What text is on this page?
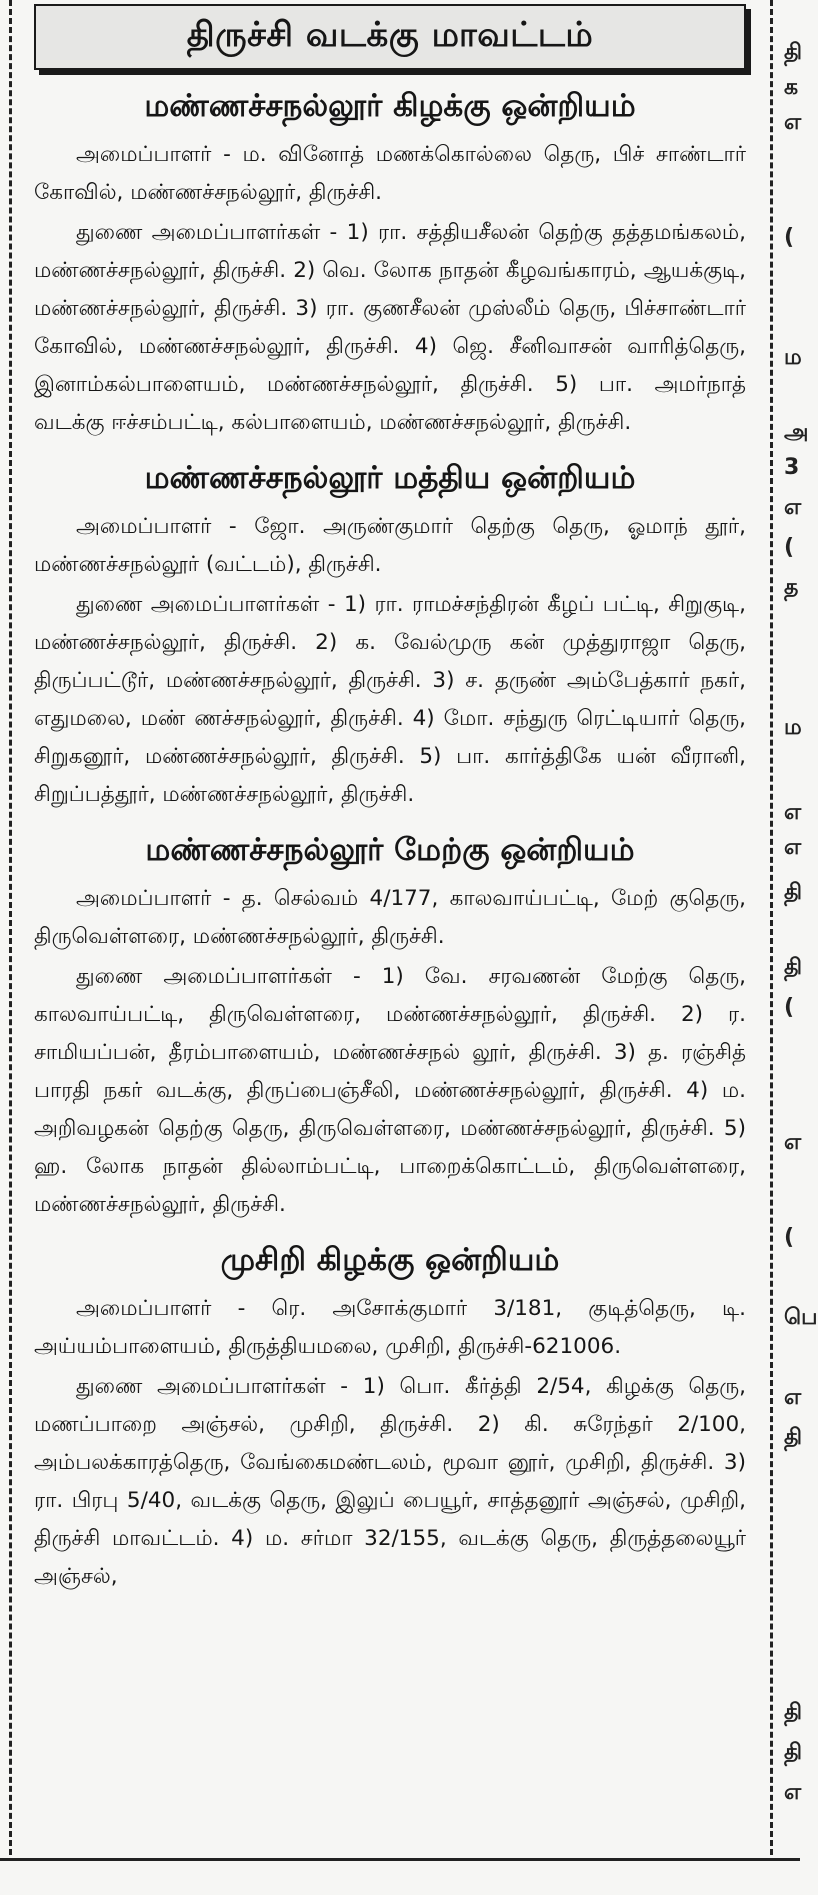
திருச்சி வடக்கு மாவட்டம்
மண்ணச்சநல்லூர் கிழக்கு ஒன்றியம்

அமைப்பாளர் - ம. வினோத் மணக்கொல்லை தெரு, பிச் சாண்டார் கோவில், மண்ணச்சநல்லூர், திருச்சி.

துணை அமைப்பாளர்கள் - 1) ரா. சத்தியசீலன் தெற்கு தத்தமங்கலம், மண்ணச்சநல்லூர், திருச்சி. 2) வெ. லோக நாதன் கீழவங்காரம், ஆயக்குடி, மண்ணச்சநல்லூர், திருச்சி. 3) ரா. குணசீலன் முஸ்லீம் தெரு, பிச்சாண்டார் கோவில், மண்ணச்சநல்லூர், திருச்சி. 4) ஜெ. சீனிவாசன் வாரித்தெரு, இனாம்கல்பாளையம், மண்ணச்சநல்லூர், திருச்சி. 5) பா. அமர்நாத் வடக்கு ஈச்சம்பட்டி, கல்பாளையம், மண்ணச்சநல்லூர், திருச்சி.

மண்ணச்சநல்லூர் மத்திய ஒன்றியம்

அமைப்பாளர் - ஜோ. அருண்குமார் தெற்கு தெரு, ஓமாந் தூர், மண்ணச்சநல்லூர் (வட்டம்), திருச்சி.

துணை அமைப்பாளர்கள் - 1) ரா. ராமச்சந்திரன் கீழப் பட்டி, சிறுகுடி, மண்ணச்சநல்லூர், திருச்சி. 2) க. வேல்முரு கன் முத்துராஜா தெரு, திருப்பட்டூர், மண்ணச்சநல்லூர், திருச்சி. 3) ச. தருண் அம்பேத்கார் நகர், எதுமலை, மண் ணச்சநல்லூர், திருச்சி. 4) மோ. சந்துரு ரெட்டியார் தெரு, சிறுகனூர், மண்ணச்சநல்லூர், திருச்சி. 5) பா. கார்த்திகே யன் வீரானி, சிறுப்பத்தூர், மண்ணச்சநல்லூர், திருச்சி.

மண்ணச்சநல்லூர் மேற்கு ஒன்றியம்

அமைப்பாளர் - த. செல்வம் 4/177, காலவாய்பட்டி, மேற் குதெரு, திருவெள்ளரை, மண்ணச்சநல்லூர், திருச்சி.

துணை அமைப்பாளர்கள் - 1) வே. சரவணன் மேற்கு தெரு, காலவாய்பட்டி, திருவெள்ளரை, மண்ணச்சநல்லூர், திருச்சி. 2) ர. சாமியப்பன், தீரம்பாளையம், மண்ணச்சநல் லூர், திருச்சி. 3) த. ரஞ்சித் பாரதி நகர் வடக்கு, திருப்பைஞ்சீலி, மண்ணச்சநல்லூர், திருச்சி. 4) ம. அறிவழகன் தெற்கு தெரு, திருவெள்ளரை, மண்ணச்சநல்லூர், திருச்சி. 5) ஹ. லோக நாதன் தில்லாம்பட்டி, பாறைக்கொட்டம், திருவெள்ளரை, மண்ணச்சநல்லூர், திருச்சி.

முசிறி கிழக்கு ஒன்றியம்

அமைப்பாளர் - ரெ. அசோக்குமார் 3/181, குடித்தெரு, டி. அய்யம்பாளையம், திருத்தியமலை, முசிறி, திருச்சி-621006.

துணை அமைப்பாளர்கள் - 1) பொ. கீர்த்தி 2/54, கிழக்கு தெரு, மணப்பாறை அஞ்சல், முசிறி, திருச்சி. 2) கி. சுரேந்தர் 2/100, அம்பலக்காரத்தெரு, வேங்கைமண்டலம், மூவா னூர், முசிறி, திருச்சி. 3) ரா. பிரபு 5/40, வடக்கு தெரு, இலுப் பையூர், சாத்தனூர் அஞ்சல், முசிறி, திருச்சி மாவட்டம். 4) ம. சர்மா 32/155, வடக்கு தெரு, திருத்தலையூர் அஞ்சல்,

தி
க
எ
(
ம
அ
3
எ
(
த
ம
எ
எ
தி
தி
(
எ
(
பெ
எ
தி
தி
தி
எ
